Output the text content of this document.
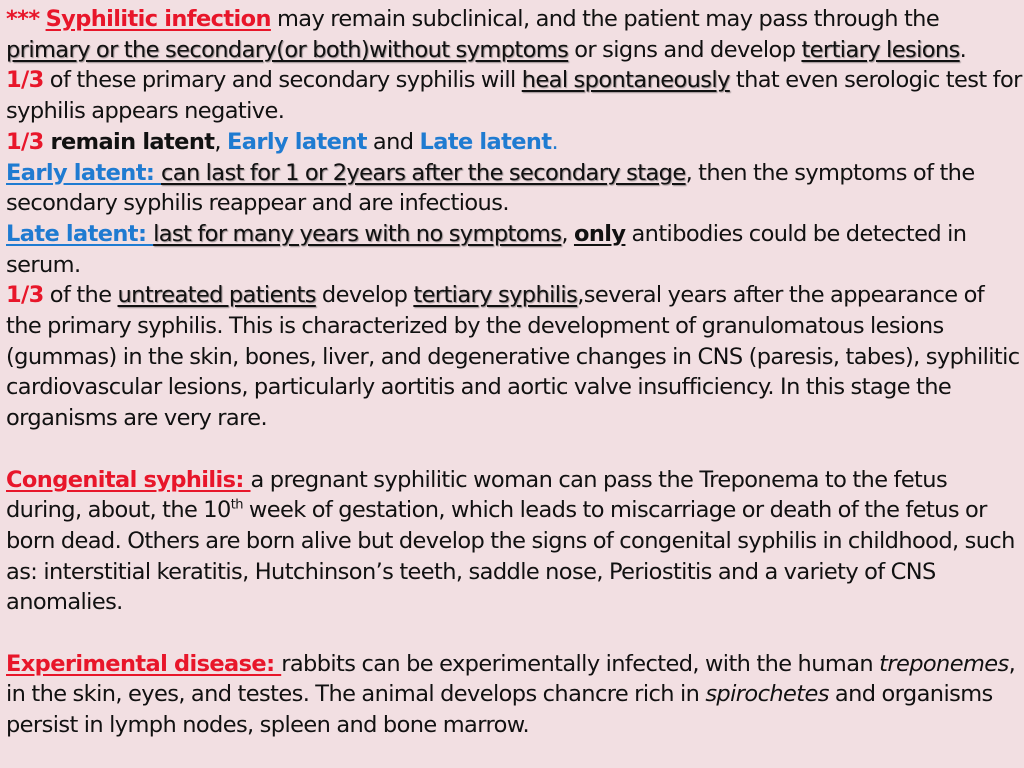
*** Syphilitic infection may remain subclinical, and the patient may pass through the primary or the secondary(or both)without symptoms or signs and develop tertiary lesions.

1/3 of these primary and secondary syphilis will heal spontaneously that even serologic test for syphilis appears negative.

1/3 remain latent, Early latent and Late latent.

Early latent: can last for 1 or 2years after the secondary stage, then the symptoms of the secondary syphilis reappear and are infectious.

Late latent: last for many years with no symptoms, only antibodies could be detected in serum.

1/3 of the untreated patients develop tertiary syphilis,several years after the appearance of the primary syphilis. This is characterized by the development of granulomatous lesions (gummas) in the skin, bones, liver, and degenerative changes in CNS (paresis, tabes), syphilitic cardiovascular lesions, particularly aortitis and aortic valve insufficiency. In this stage the organisms are very rare.

Congenital syphilis: a pregnant syphilitic woman can pass the Treponema to the fetus during, about, the 10th week of gestation, which leads to miscarriage or death of the fetus or born dead. Others are born alive but develop the signs of congenital syphilis in childhood, such as: interstitial keratitis, Hutchinson’s teeth, saddle nose, Periostitis and a variety of CNS anomalies.

Experimental disease: rabbits can be experimentally infected, with the human treponemes, in the skin, eyes, and testes. The animal develops chancre rich in spirochetes and organisms persist in lymph nodes, spleen and bone marrow.
